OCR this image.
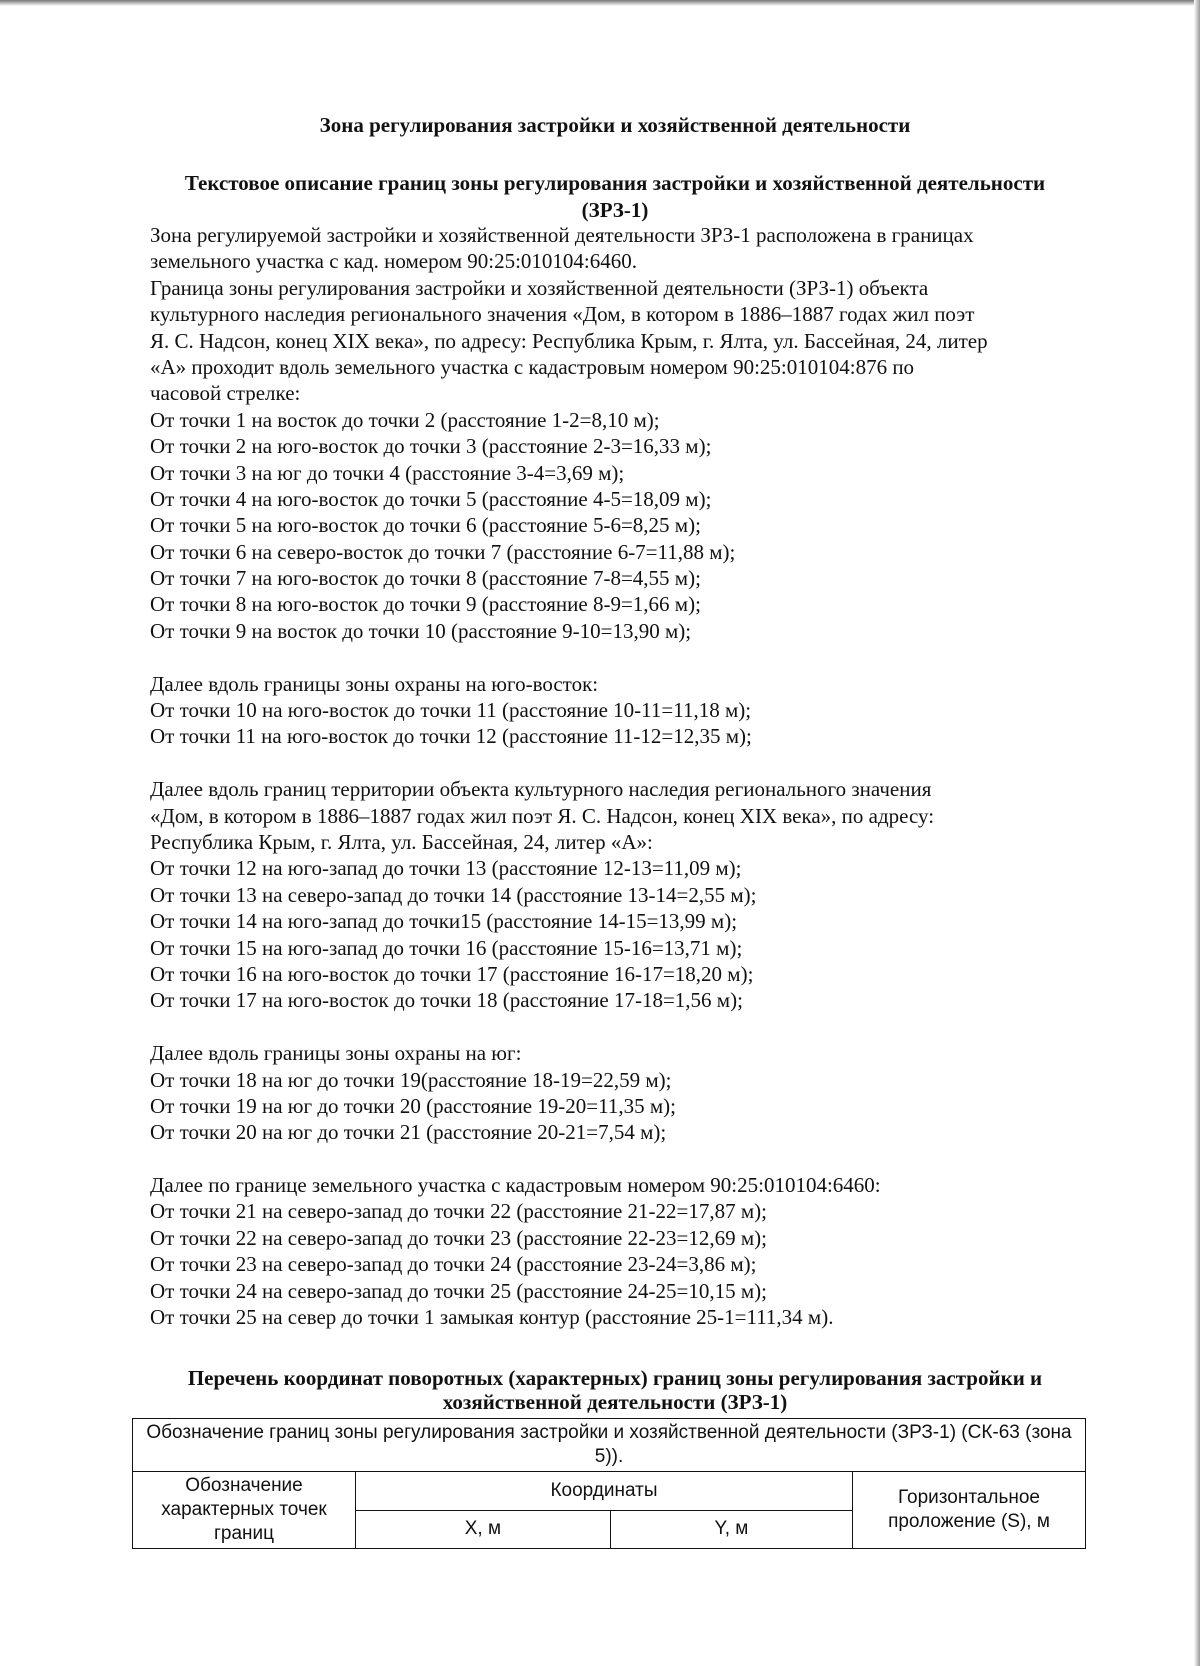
Зона регулирования застройки и хозяйственной деятельности
Текстовое описание границ зоны регулирования застройки и хозяйственной деятельности (ЗРЗ-1)
Зона регулируемой застройки и хозяйственной деятельности ЗРЗ-1 расположена в границах
земельного участка с кад. номером 90:25:010104:6460.
Граница зоны регулирования застройки и хозяйственной деятельности (ЗРЗ-1) объекта
культурного наследия регионального значения «Дом, в котором в 1886–1887 годах жил поэт
Я. С. Надсон, конец XIX века», по адресу: Республика Крым, г. Ялта, ул. Бассейная, 24, литер
«А» проходит вдоль земельного участка с кадастровым номером 90:25:010104:876 по
часовой стрелке:
От точки 1 на восток до точки 2 (расстояние 1-2=8,10 м);
От точки 2 на юго-восток до точки 3 (расстояние 2-3=16,33 м);
От точки 3 на юг до точки 4 (расстояние 3-4=3,69 м);
От точки 4 на юго-восток до точки 5 (расстояние 4-5=18,09 м);
От точки 5 на юго-восток до точки 6 (расстояние 5-6=8,25 м);
От точки 6 на северо-восток до точки 7 (расстояние 6-7=11,88 м);
От точки 7 на юго-восток до точки 8 (расстояние 7-8=4,55 м);
От точки 8 на юго-восток до точки 9 (расстояние 8-9=1,66 м);
От точки 9 на восток до точки 10 (расстояние 9-10=13,90 м);
Далее вдоль границы зоны охраны на юго-восток:
От точки 10 на юго-восток до точки 11 (расстояние 10-11=11,18 м);
От точки 11 на юго-восток до точки 12 (расстояние 11-12=12,35 м);
Далее вдоль границ территории объекта культурного наследия регионального значения
«Дом, в котором в 1886–1887 годах жил поэт Я. С. Надсон, конец XIX века», по адресу:
Республика Крым, г. Ялта, ул. Бассейная, 24, литер «А»:
От точки 12 на юго-запад до точки 13 (расстояние 12-13=11,09 м);
От точки 13 на северо-запад до точки 14 (расстояние 13-14=2,55 м);
От точки 14 на юго-запад до точки15 (расстояние 14-15=13,99 м);
От точки 15 на юго-запад до точки 16 (расстояние 15-16=13,71 м);
От точки 16 на юго-восток до точки 17 (расстояние 16-17=18,20 м);
От точки 17 на юго-восток до точки 18 (расстояние 17-18=1,56 м);
Далее вдоль границы зоны охраны на юг:
От точки 18 на юг до точки 19(расстояние 18-19=22,59 м);
От точки 19 на юг до точки 20 (расстояние 19-20=11,35 м);
От точки 20 на юг до точки 21 (расстояние 20-21=7,54 м);
Далее по границе земельного участка с кадастровым номером 90:25:010104:6460:
От точки 21 на северо-запад до точки 22 (расстояние 21-22=17,87 м);
От точки 22 на северо-запад до точки 23 (расстояние 22-23=12,69 м);
От точки 23 на северо-запад до точки 24 (расстояние 23-24=3,86 м);
От точки 24 на северо-запад до точки 25 (расстояние 24-25=10,15 м);
От точки 25 на север до точки 1 замыкая контур (расстояние 25-1=111,34 м).
Перечень координат поворотных (характерных) границ зоны регулирования застройки и хозяйственной деятельности (ЗРЗ-1)
Обозначение границ зоны регулирования застройки и хозяйственной деятельности (ЗРЗ-1) (СК-63 (зона 5)).			
Обозначение характерных точек границ	Координаты		Горизонтальное проложение (S), м
	X, м	Y, м	
